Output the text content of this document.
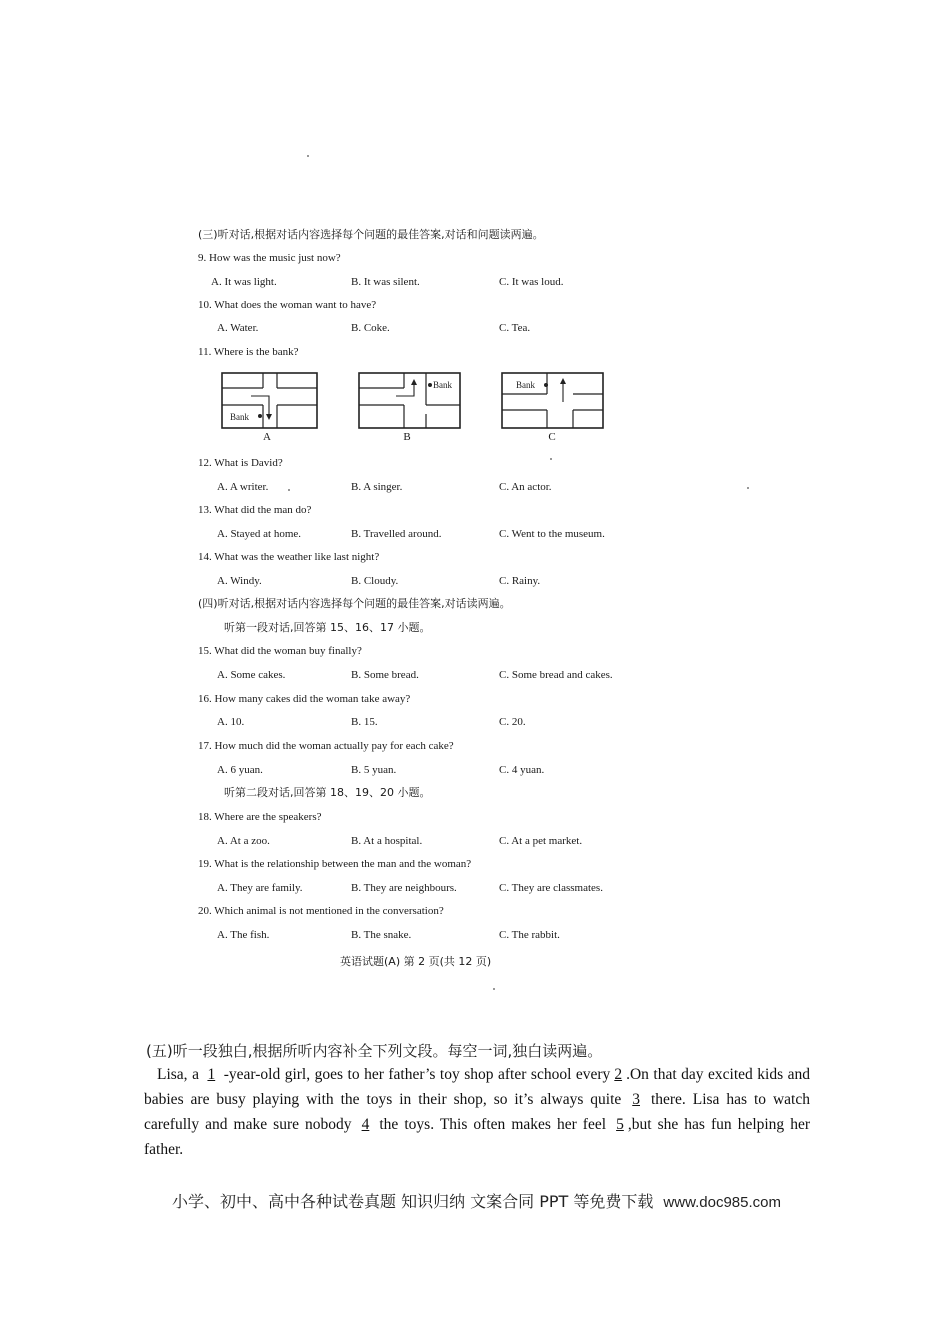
(三)听对话,根据对话内容选择每个问题的最佳答案,对话和问题读两遍。
9. How was the music just now?
A. It was light.	B. It was silent.	C. It was loud.
10. What does the woman want to have?
A. Water.	B. Coke.	C. Tea.
11. Where is the bank?
Bank
A
Bank
B
Bank
C
12. What is David?
A. A writer.	B. A singer.	C. An actor.
13. What did the man do?
A. Stayed at home.	B. Travelled around.	C. Went to the museum.
14. What was the weather like last night?
A. Windy.	B. Cloudy.	C. Rainy.
(四)听对话,根据对话内容选择每个问题的最佳答案,对话读两遍。
听第一段对话,回答第 15、16、17 小题。
15. What did the woman buy finally?
A. Some cakes.	B. Some bread.	C. Some bread and cakes.
16. How many cakes did the woman take away?
A. 10.	B. 15.	C. 20.
17. How much did the woman actually pay for each cake?
A. 6 yuan.	B. 5 yuan.	C. 4 yuan.
听第二段对话,回答第 18、19、20 小题。
18. Where are the speakers?
A. At a zoo.	B. At a hospital.	C. At a pet market.
19. What is the relationship between the man and the woman?
A. They are family.	B. They are neighbours.	C. They are classmates.
20. Which animal is not mentioned in the conversation?
A. The fish.	B. The snake.	C. The rabbit.
英语试题(A) 第 2 页(共 12 页)
(五)听一段独白,根据所听内容补全下列文段。每空一词,独白读两遍。

Lisa, a 1 -year-old girl, goes to her father’s toy shop after school every 2 .On that day excited kids and babies are busy playing with the toys in their shop, so it’s always quite 3 there. Lisa has to watch carefully and make sure nobody 4 the toys. This often makes her feel 5 ,but she has fun helping her father.

小学、初中、高中各种试卷真题 知识归纳 文案合同 PPT 等免费下载 www.doc985.com
